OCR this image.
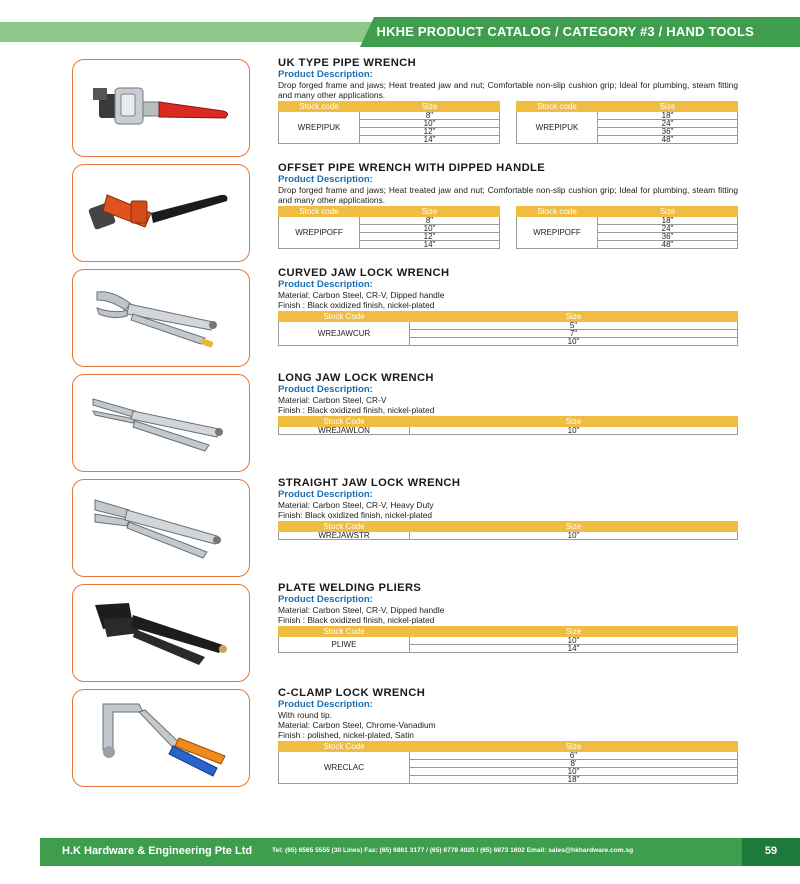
HKHE PRODUCT CATALOG / CATEGORY #3 / HAND TOOLS
UK TYPE PIPE WRENCH
Product Description:
Drop forged frame and jaws; Heat treated jaw and nut; Comfortable non-slip cushion grip; Ideal for plumbing, steam fitting and many other applications.
Stock code	Size
WREPIPUK	8"
	10"
	12"
	14"
Stock code	Size
WREPIPUK	18"
	24"
	36"
	48"
OFFSET PIPE WRENCH WITH DIPPED HANDLE
Product Description:
Drop forged frame and jaws; Heat treated jaw and nut; Comfortable non-slip cushion grip; Ideal for plumbing, steam fitting and many other applications.
Stock code	Size
WREPIPOFF	8"
	10"
	12"
	14"
Stock code	Size
WREPIPOFF	18"
	24"
	36"
	48"
CURVED JAW LOCK WRENCH
Product Description:
Material: Carbon Steel, CR-V, Dipped handle
Finish : Black oxidized finish, nickel-plated
Stock Code	Size
WREJAWCUR	5"
	7"
	10"
LONG JAW LOCK WRENCH
Product Description:
Material: Carbon Steel, CR-V
Finish : Black oxidized finish, nickel-plated
Stock Code	Size
WREJAWLON	10"
STRAIGHT JAW LOCK WRENCH
Product Description:
Material: Carbon Steel, CR-V, Heavy Duty
Finish: Black oxidized finish, nickel-plated
Stock Code	Size
WREJAWSTR	10"
PLATE WELDING PLIERS
Product Description:
Material: Carbon Steel, CR-V, Dipped handle
Finish : Black oxidized finish, nickel-plated
Stock Code	Size
PLIWE	10"
	14"
C-CLAMP LOCK WRENCH
Product Description:
With round tip.
Material: Carbon Steel, Chrome-Vanadium
Finish : polished, nickel-plated, Satin
Stock Code	Size
WRECLAC	6"
	8'
	10"
	18"
H.K Hardware & Engineering Pte Ltd	Tel: (65) 6565 5555 (30 Lines) Fax: (65) 6861 3177 / (65) 6778 4025 / (65) 6873 1602 Email: sales@hkhardware.com.sg	59
